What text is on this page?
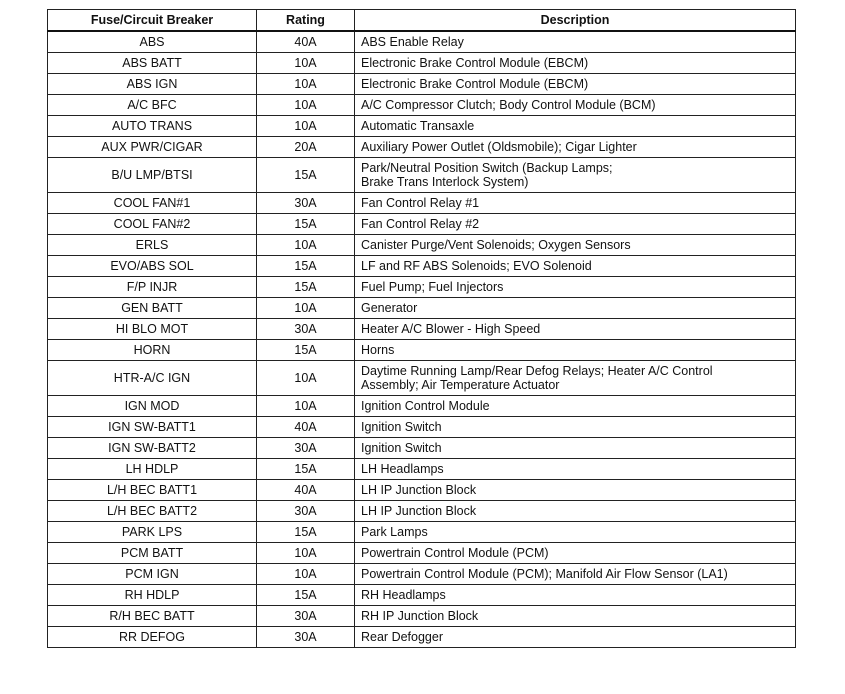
Fuse/Circuit Breaker	Rating	Description
ABS	40A	ABS Enable Relay

ABS BATT	10A	Electronic Brake Control Module (EBCM)

ABS IGN	10A	Electronic Brake Control Module (EBCM)

A/C BFC	10A	A/C Compressor Clutch; Body Control Module (BCM)

AUTO TRANS	10A	Automatic Transaxle

AUX PWR/CIGAR	20A	Auxiliary Power Outlet (Oldsmobile); Cigar Lighter

B/U LMP/BTSI	15A	Park/Neutral Position Switch (Backup Lamps;
Brake Trans Interlock System)

COOL FAN#1	30A	Fan Control Relay #1

COOL FAN#2	15A	Fan Control Relay #2

ERLS	10A	Canister Purge/Vent Solenoids; Oxygen Sensors

EVO/ABS SOL	15A	LF and RF ABS Solenoids; EVO Solenoid

F/P INJR	15A	Fuel Pump; Fuel Injectors

GEN BATT	10A	Generator

HI BLO MOT	30A	Heater A/C Blower - High Speed

HORN	15A	Horns

HTR-A/C IGN	10A	Daytime Running Lamp/Rear Defog Relays; Heater A/C Control
Assembly; Air Temperature Actuator

IGN MOD	10A	Ignition Control Module

IGN SW-BATT1	40A	Ignition Switch

IGN SW-BATT2	30A	Ignition Switch

LH HDLP	15A	LH Headlamps

L/H BEC BATT1	40A	LH IP Junction Block

L/H BEC BATT2	30A	LH IP Junction Block

PARK LPS	15A	Park Lamps

PCM BATT	10A	Powertrain Control Module (PCM)

PCM IGN	10A	Powertrain Control Module (PCM); Manifold Air Flow Sensor (LA1)

RH HDLP	15A	RH Headlamps

R/H BEC BATT	30A	RH IP Junction Block

RR DEFOG	30A	Rear Defogger
